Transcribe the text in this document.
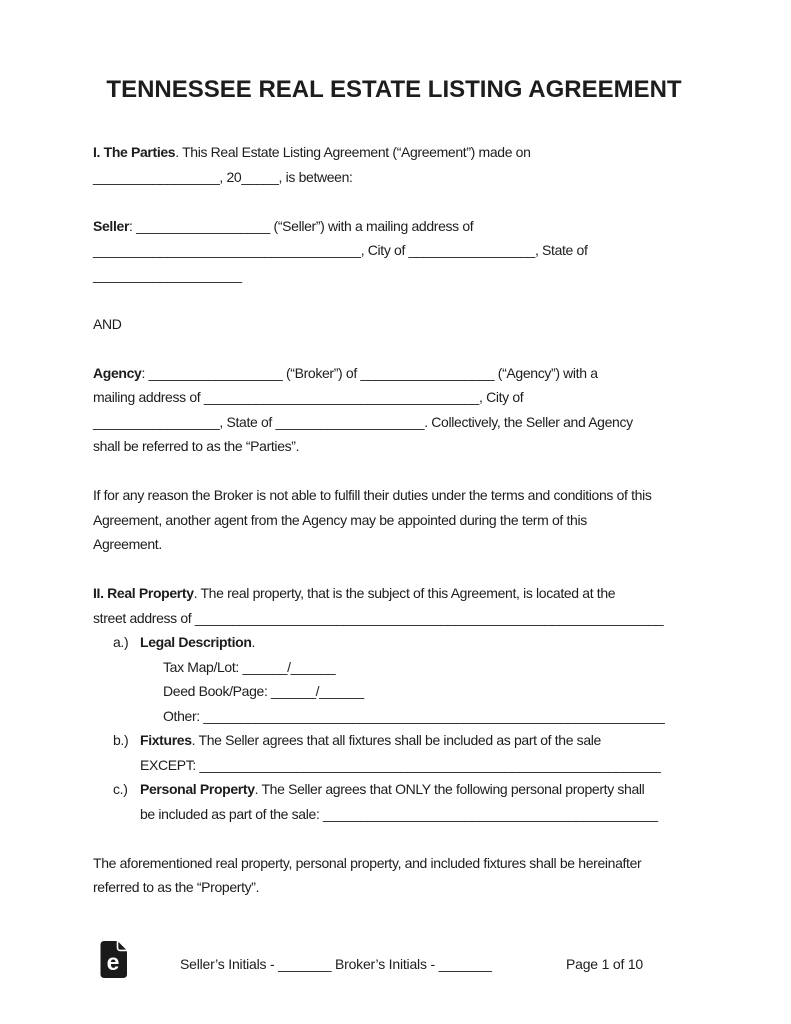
TENNESSEE REAL ESTATE LISTING AGREEMENT
I. The Parties. This Real Estate Listing Agreement (“Agreement”) made on
_________________, 20_____, is between:
Seller: __________________ (“Seller”) with a mailing address of
____________________________________, City of _________________, State of
____________________
AND
Agency: __________________ (“Broker”) of __________________ (“Agency”) with a
mailing address of _____________________________________, City of
_________________, State of ____________________. Collectively, the Seller and Agency
shall be referred to as the “Parties”.
If for any reason the Broker is not able to fulfill their duties under the terms and conditions of this
Agreement, another agent from the Agency may be appointed during the term of this
Agreement.
II. Real Property. The real property, that is the subject of this Agreement, is located at the
street address of _______________________________________________________________
a.) Legal Description.
Tax Map/Lot: ______/______
Deed Book/Page: ______/______
Other: ______________________________________________________________
b.) Fixtures. The Seller agrees that all fixtures shall be included as part of the sale
EXCEPT: ______________________________________________________________
c.) Personal Property. The Seller agrees that ONLY the following personal property shall
be included as part of the sale: _____________________________________________
The aforementioned real property, personal property, and included fixtures shall be hereinafter
referred to as the “Property”.
e	Seller’s Initials - _______ Broker’s Initials - _______	Page 1 of 10
